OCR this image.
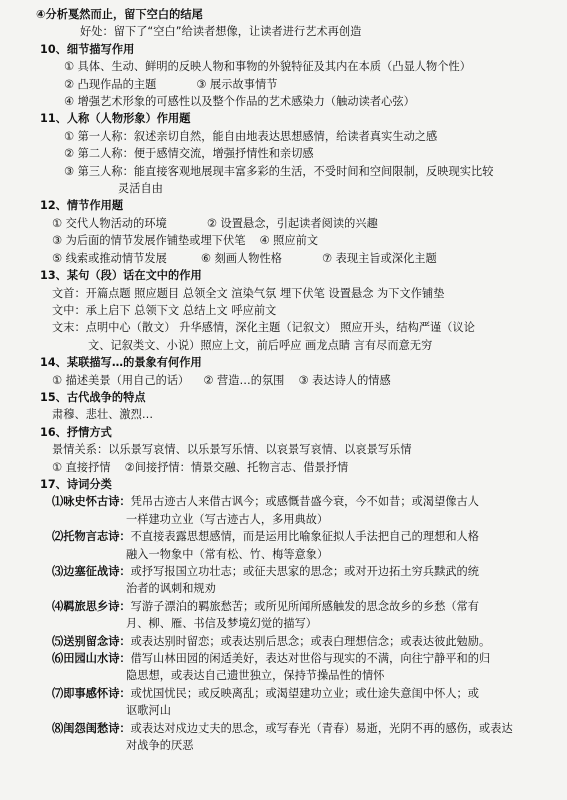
④分析戛然而止，留下空白的结尾
好处：留下了“空白”给读者想像，让读者进行艺术再创造
10、细节描写作用
① 具体、生动、鲜明的反映人物和事物的外貌特征及其内在本质（凸显人物个性）
② 凸现作品的主题	③ 展示故事情节
④ 增强艺术形象的可感性以及整个作品的艺术感染力（触动读者心弦）
11、人称（人物形象）作用题
① 第一人称：叙述亲切自然，能自由地表达思想感情，给读者真实生动之感
② 第二人称：便于感情交流，增强抒情性和亲切感
③ 第三人称：能直接客观地展现丰富多彩的生活，不受时间和空间限制，反映现实比较
灵活自由
12、情节作用题
① 交代人物活动的环境	② 设置悬念，引起读者阅读的兴趣
③ 为后面的情节发展作铺垫或埋下伏笔 ④ 照应前文
⑤ 线索或推动情节发展	⑥ 刻画人物性格	⑦ 表现主旨或深化主题
13、某句（段）话在文中的作用
文首：开篇点题 照应题目 总领全文 渲染气氛 埋下伏笔 设置悬念 为下文作铺垫
文中：承上启下 总领下文 总结上文 呼应前文
文末：点明中心（散文） 升华感情，深化主题（记叙文） 照应开头，结构严谨（议论
文、记叙类文、小说）照应上文，前后呼应 画龙点睛 言有尽而意无穷
14、某联描写…的景象有何作用
① 描述美景（用自己的话） ② 营造…的氛围 ③ 表达诗人的情感
15、古代战争的特点
肃穆、悲壮、激烈…
16、抒情方式
景情关系：以乐景写哀情、以乐景写乐情、以哀景写哀情、以哀景写乐情
① 直接抒情 ②间接抒情：情景交融、托物言志、借景抒情
17、诗词分类
⑴咏史怀古诗：凭吊古迹古人来借古讽今；或感慨昔盛今衰，今不如昔；或渴望像古人
一样建功立业（写古迹古人，多用典故）
⑵托物言志诗：不直接表露思想感情，而是运用比喻象征拟人手法把自己的理想和人格
融入一物象中（常有松、竹、梅等意象）
⑶边塞征战诗：或抒写报国立功壮志；或征夫思家的思念；或对开边拓土穷兵黩武的统
治者的讽刺和规劝
⑷羁旅思乡诗：写游子漂泊的羁旅愁苦；或所见所闻所感触发的思念故乡的乡愁（常有
月、柳、雁、书信及梦境幻觉的描写）
⑸送别留念诗：或表达别时留恋；或表达别后思念；或表白理想信念；或表达彼此勉励。
⑹田园山水诗：借写山林田园的闲适美好，表达对世俗与现实的不满，向往宁静平和的归
隐思想，或表达自己遗世独立，保持节操品性的情怀
⑺即事感怀诗：或忧国忧民；或反映离乱；或渴望建功立业；或仕途失意闺中怀人；或
讴歌河山
⑻闺怨闺愁诗：或表达对戍边丈夫的思念，或写春光（青春）易逝，光阴不再的感伤，或表达
对战争的厌恶
